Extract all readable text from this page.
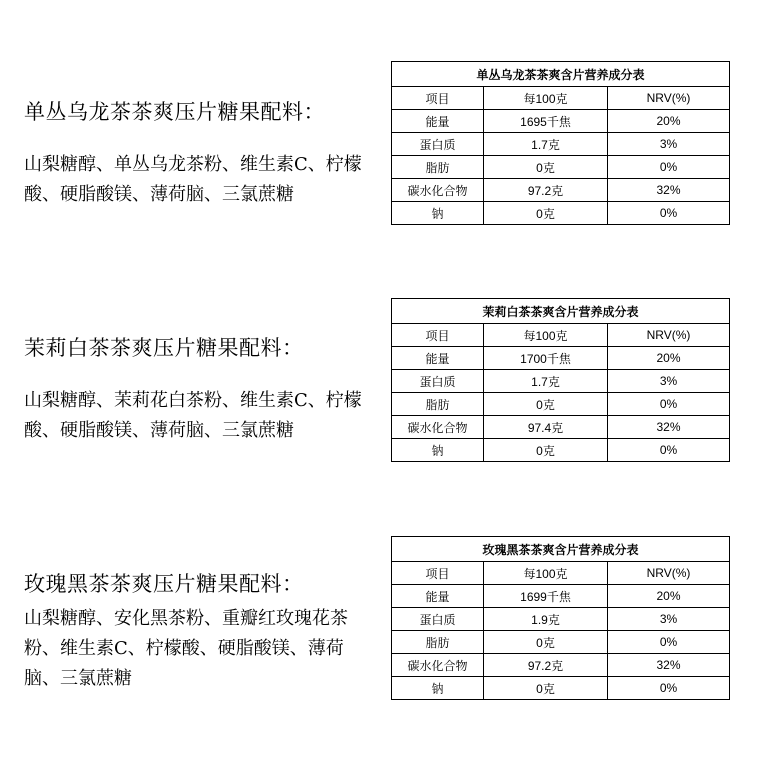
单丛乌龙茶茶爽压片糖果配料：
山梨糖醇、单丛乌龙茶粉、维生素C、柠檬酸、硬脂酸镁、薄荷脑、三氯蔗糖
单丛乌龙茶茶爽含片营养成分表		
项目	每100克	NRV(%)
能量	1695千焦	20%
蛋白质	1.7克	3%
脂肪	0克	0%
碳水化合物	97.2克	32%
钠	0克	0%
茉莉白茶茶爽压片糖果配料：
山梨糖醇、茉莉花白茶粉、维生素C、柠檬酸、硬脂酸镁、薄荷脑、三氯蔗糖
茉莉白茶茶爽含片营养成分表		
项目	每100克	NRV(%)
能量	1700千焦	20%
蛋白质	1.7克	3%
脂肪	0克	0%
碳水化合物	97.4克	32%
钠	0克	0%
玫瑰黑茶茶爽压片糖果配料：
山梨糖醇、安化黑茶粉、重瓣红玫瑰花茶粉、维生素C、柠檬酸、硬脂酸镁、薄荷脑、三氯蔗糖
玫瑰黑茶茶爽含片营养成分表		
项目	每100克	NRV(%)
能量	1699千焦	20%
蛋白质	1.9克	3%
脂肪	0克	0%
碳水化合物	97.2克	32%
钠	0克	0%
